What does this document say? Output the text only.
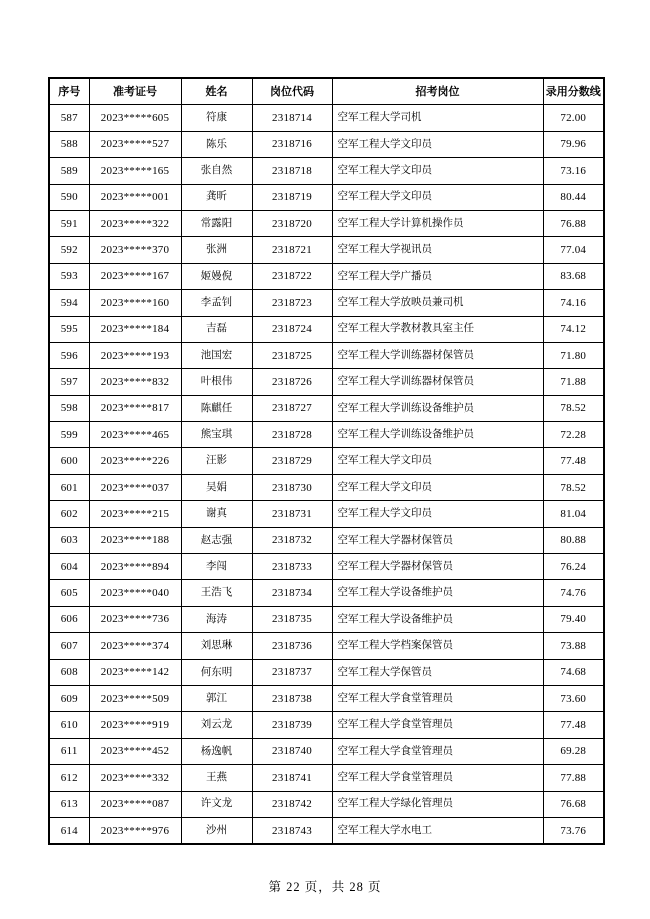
序号	准考证号	姓名	岗位代码	招考岗位	录用分数线
587	2023*****605	符康	2318714	空军工程大学司机	72.00
588	2023*****527	陈乐	2318716	空军工程大学文印员	79.96
589	2023*****165	张自然	2318718	空军工程大学文印员	73.16
590	2023*****001	龚昕	2318719	空军工程大学文印员	80.44
591	2023*****322	常露阳	2318720	空军工程大学计算机操作员	76.88
592	2023*****370	张洲	2318721	空军工程大学视讯员	77.04
593	2023*****167	姬嫚倪	2318722	空军工程大学广播员	83.68
594	2023*****160	李孟钊	2318723	空军工程大学放映员兼司机	74.16
595	2023*****184	吉磊	2318724	空军工程大学教材教具室主任	74.12
596	2023*****193	池国宏	2318725	空军工程大学训练器材保管员	71.80
597	2023*****832	叶根伟	2318726	空军工程大学训练器材保管员	71.88
598	2023*****817	陈麒任	2318727	空军工程大学训练设备维护员	78.52
599	2023*****465	熊宝琪	2318728	空军工程大学训练设备维护员	72.28
600	2023*****226	汪影	2318729	空军工程大学文印员	77.48
601	2023*****037	吴娟	2318730	空军工程大学文印员	78.52
602	2023*****215	谢真	2318731	空军工程大学文印员	81.04
603	2023*****188	赵志强	2318732	空军工程大学器材保管员	80.88
604	2023*****894	李闯	2318733	空军工程大学器材保管员	76.24
605	2023*****040	王浩飞	2318734	空军工程大学设备维护员	74.76
606	2023*****736	海涛	2318735	空军工程大学设备维护员	79.40
607	2023*****374	刘思琳	2318736	空军工程大学档案保管员	73.88
608	2023*****142	何东明	2318737	空军工程大学保管员	74.68
609	2023*****509	郭江	2318738	空军工程大学食堂管理员	73.60
610	2023*****919	刘云龙	2318739	空军工程大学食堂管理员	77.48
611	2023*****452	杨逸帆	2318740	空军工程大学食堂管理员	69.28
612	2023*****332	王燕	2318741	空军工程大学食堂管理员	77.88
613	2023*****087	许文龙	2318742	空军工程大学绿化管理员	76.68
614	2023*****976	沙州	2318743	空军工程大学水电工	73.76
第 22 页，共 28 页
